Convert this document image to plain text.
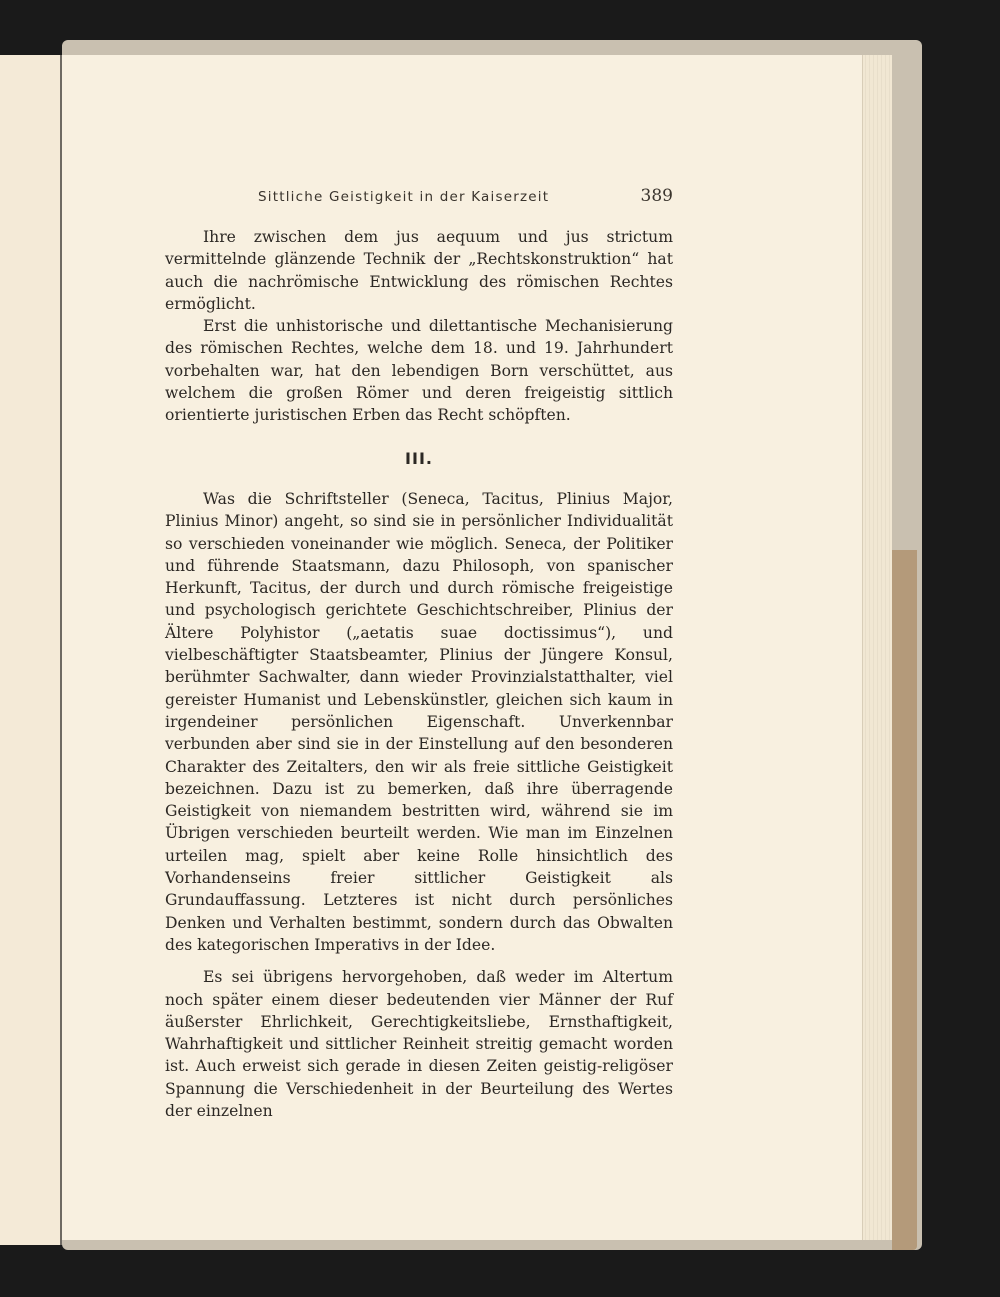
Sittliche Geistigkeit in der Kaiserzeit	389

Ihre zwischen dem jus aequum und jus strictum vermittelnde glänzende Technik der „Rechtskonstruktion“ hat auch die nachrömische Entwicklung des römischen Rechtes ermöglicht.

Erst die unhistorische und dilettantische Mechanisierung des römischen Rechtes, welche dem 18. und 19. Jahrhundert vorbehalten war, hat den lebendigen Born verschüttet, aus welchem die großen Römer und deren freigeistig sittlich orientierte juristischen Erben das Recht schöpften.

III.

Was die Schriftsteller (Seneca, Tacitus, Plinius Major, Plinius Minor) angeht, so sind sie in persönlicher Individualität so verschieden voneinander wie möglich. Seneca, der Politiker und führende Staatsmann, dazu Philosoph, von spanischer Herkunft, Tacitus, der durch und durch römische freigeistige und psychologisch gerichtete Geschichtschreiber, Plinius der Ältere Polyhistor („aetatis suae doctissimus“), und vielbeschäftigter Staatsbeamter, Plinius der Jüngere Konsul, berühmter Sachwalter, dann wieder Provinzialstatthalter, viel gereister Humanist und Lebenskünstler, gleichen sich kaum in irgendeiner persönlichen Eigenschaft. Unverkennbar verbunden aber sind sie in der Einstellung auf den besonderen Charakter des Zeitalters, den wir als freie sittliche Geistigkeit bezeichnen. Dazu ist zu bemerken, daß ihre überragende Geistigkeit von niemandem bestritten wird, während sie im Übrigen verschieden beurteilt werden. Wie man im Einzelnen urteilen mag, spielt aber keine Rolle hinsichtlich des Vorhandenseins freier sittlicher Geistigkeit als Grundauffassung. Letzteres ist nicht durch persönliches Denken und Verhalten bestimmt, sondern durch das Obwalten des kategorischen Imperativs in der Idee.

Es sei übrigens hervorgehoben, daß weder im Altertum noch später einem dieser bedeutenden vier Männer der Ruf äußerster Ehrlichkeit, Gerechtigkeitsliebe, Ernsthaftigkeit, Wahrhaftigkeit und sittlicher Reinheit streitig gemacht worden ist. Auch erweist sich gerade in diesen Zeiten geistig-religöser Spannung die Verschiedenheit in der Beurteilung des Wertes der einzelnen
